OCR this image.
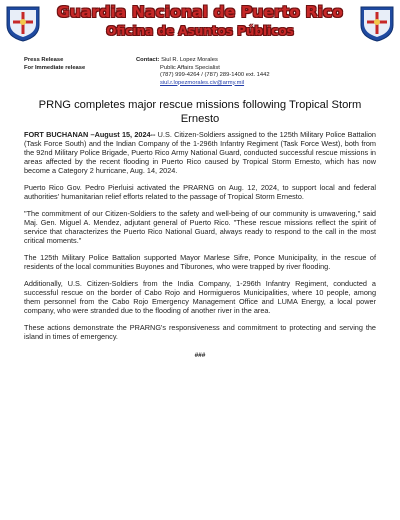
Guardia Nacional de Puerto Rico
Oficina de Asuntos Públicos
Press Release
For Immediate release
Contact: Siul R. Lopez Morales
Public Affairs Specialist
(787) 999-4264 / (787) 289-1400 ext. 1442
siul.r.lopezmorales.civ@army.mil
PRNG completes major rescue missions following Tropical Storm Ernesto

FORT BUCHANAN –August 15, 2024-- U.S. Citizen-Soldiers assigned to the 125th Military Police Battalion (Task Force South) and the Indian Company of the 1-296th Infantry Regiment (Task Force West), both from the 92nd Military Police Brigade, Puerto Rico Army National Guard, conducted successful rescue missions in areas affected by the recent flooding in Puerto Rico caused by Tropical Storm Ernesto, which has now become a Category 2 hurricane, Aug. 14, 2024.

Puerto Rico Gov. Pedro Pierluisi activated the PRARNG on Aug. 12, 2024, to support local and federal authorities' humanitarian relief efforts related to the passage of Tropical Storm Ernesto.

"The commitment of our Citizen-Soldiers to the safety and well-being of our community is unwavering," said Maj. Gen. Miguel A. Mendez, adjutant general of Puerto Rico. "These rescue missions reflect the spirit of service that characterizes the Puerto Rico National Guard, always ready to respond to the call in the most critical moments."

The 125th Military Police Battalion supported Mayor Marlese Sifre, Ponce Municipality, in the rescue of residents of the local communities Buyones and Tiburones, who were trapped by river flooding.

Additionally, U.S. Citizen-Soldiers from the India Company, 1-296th Infantry Regiment, conducted a successful rescue on the border of Cabo Rojo and Hormigueros Municipalities, where 10 people, among them personnel from the Cabo Rojo Emergency Management Office and LUMA Energy, a local power company, who were stranded due to the flooding of another river in the area.

These actions demonstrate the PRARNG's responsiveness and commitment to protecting and serving the island in times of emergency.

###
